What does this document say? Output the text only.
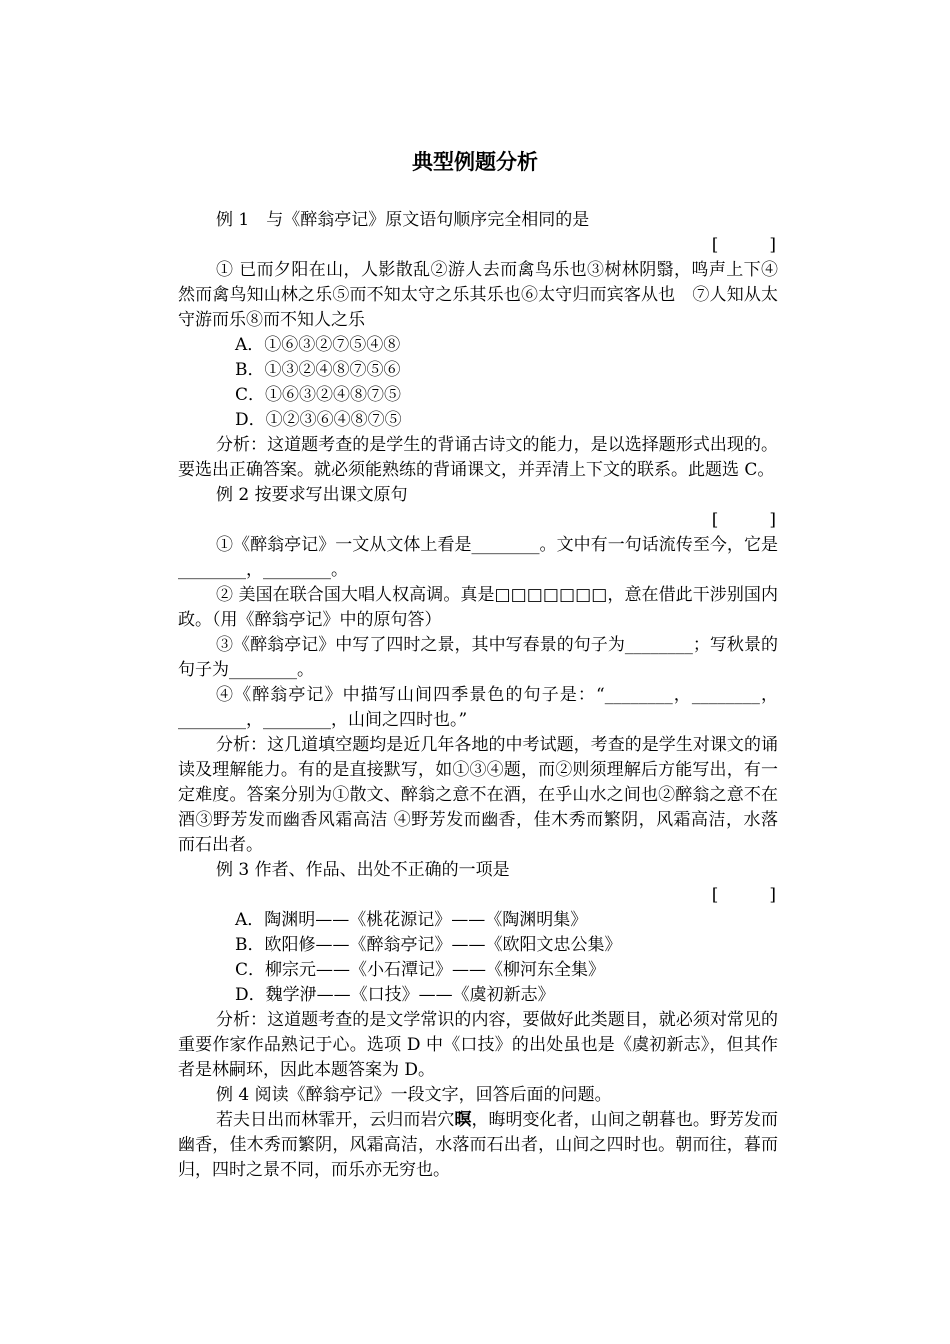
典型例题分析

例 1　与《醉翁亭记》原文语句顺序完全相同的是

[　　　]

① 已而夕阳在山，人影散乱②游人去而禽鸟乐也③树林阴翳，鸣声上下④然而禽鸟知山林之乐⑤而不知太守之乐其乐也⑥太守归而宾客从也　⑦人知从太守游而乐⑧而不知人之乐

A．①⑥③②⑦⑤④⑧

B．①③②④⑧⑦⑤⑥

C．①⑥③②④⑧⑦⑤

D．①②③⑥④⑧⑦⑤

分析：这道题考查的是学生的背诵古诗文的能力，是以选择题形式出现的。要选出正确答案。就必须能熟练的背诵课文，并弄清上下文的联系。此题选 C。

例 2 按要求写出课文原句

[　　　]

①《醉翁亭记》一文从文体上看是________。文中有一句话流传至今，它是________，________。

② 美国在联合国大唱人权高调。真是□□□□□□□，意在借此干涉别国内政。（用《醉翁亭记》中的原句答）

③《醉翁亭记》中写了四时之景，其中写春景的句子为________；写秋景的句子为________。

④《醉翁亭记》中描写山间四季景色的句子是：“________，________，________，________，山间之四时也。”

分析：这几道填空题均是近几年各地的中考试题，考查的是学生对课文的诵读及理解能力。有的是直接默写，如①③④题，而②则须理解后方能写出，有一定难度。答案分别为①散文、醉翁之意不在酒，在乎山水之间也②醉翁之意不在酒③野芳发而幽香风霜高洁 ④野芳发而幽香，佳木秀而繁阴，风霜高洁，水落而石出者。

例 3 作者、作品、出处不正确的一项是

[　　　]

A．陶渊明——《桃花源记》——《陶渊明集》

B．欧阳修——《醉翁亭记》——《欧阳文忠公集》

C．柳宗元——《小石潭记》——《柳河东全集》

D．魏学洢——《口技》——《虞初新志》

分析：这道题考查的是文学常识的内容，要做好此类题目，就必须对常见的重要作家作品熟记于心。选项 D 中《口技》的出处虽也是《虞初新志》，但其作者是林嗣环，因此本题答案为 D。

例 4 阅读《醉翁亭记》一段文字，回答后面的问题。

若夫日出而林霏开，云归而岩穴暝，晦明变化者，山间之朝暮也。野芳发而幽香，佳木秀而繁阴，风霜高洁，水落而石出者，山间之四时也。朝而往，暮而归，四时之景不同，而乐亦无穷也。
